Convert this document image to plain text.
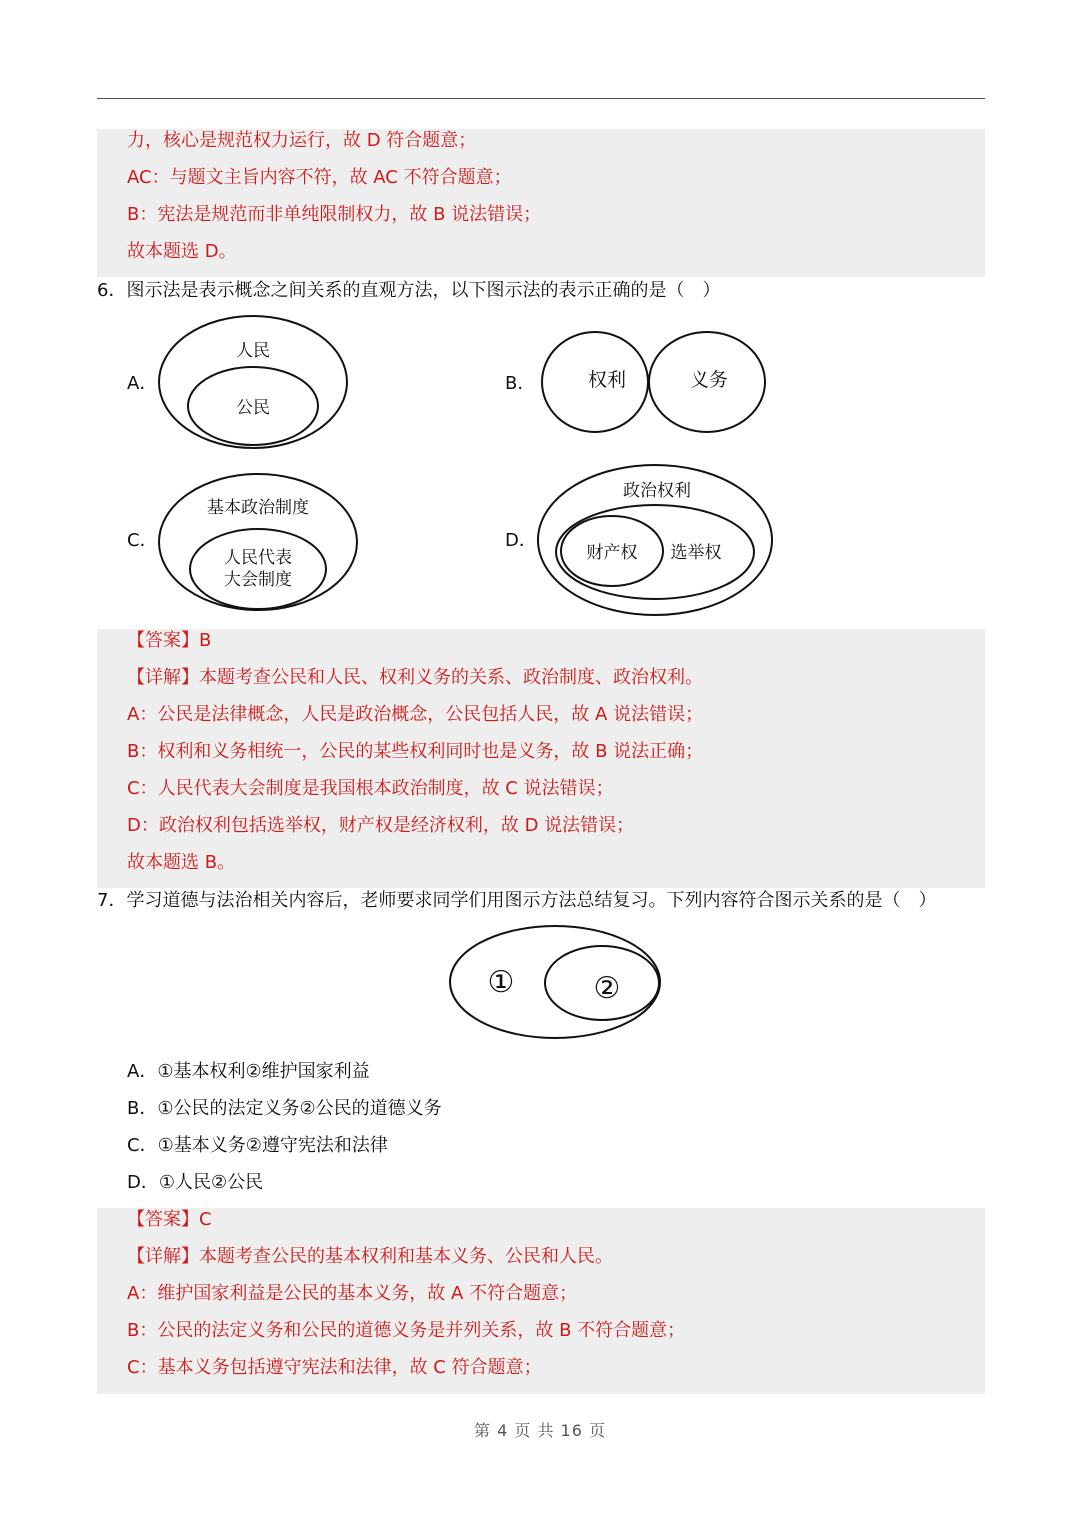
力，核心是规范权力运行，故 D 符合题意；
AC：与题文主旨内容不符，故 AC 不符合题意；
B：宪法是规范而非单纯限制权力，故 B 说法错误；
故本题选 D。
6．图示法是表示概念之间关系的直观方法，以下图示法的表示正确的是（　）
A．
人民
公民
B．	权利	义务
C．
基本政治制度
人民代表
大会制度
D．
政治权利
财产权 选举权
【答案】B
【详解】本题考查公民和人民、权利义务的关系、政治制度、政治权利。
A：公民是法律概念，人民是政治概念，公民包括人民，故 A 说法错误；
B：权利和义务相统一，公民的某些权利同时也是义务，故 B 说法正确；
C：人民代表大会制度是我国根本政治制度，故 C 说法错误；
D：政治权利包括选举权，财产权是经济权利，故 D 说法错误；
故本题选 B。
7．学习道德与法治相关内容后，老师要求同学们用图示方法总结复习。下列内容符合图示关系的是（　）
①	②
A．①基本权利②维护国家利益
B．①公民的法定义务②公民的道德义务
C．①基本义务②遵守宪法和法律
D．①人民②公民
【答案】C
【详解】本题考查公民的基本权利和基本义务、公民和人民。
A：维护国家利益是公民的基本义务，故 A 不符合题意；
B：公民的法定义务和公民的道德义务是并列关系，故 B 不符合题意；
C：基本义务包括遵守宪法和法律，故 C 符合题意；
第 4 页 共 16 页
